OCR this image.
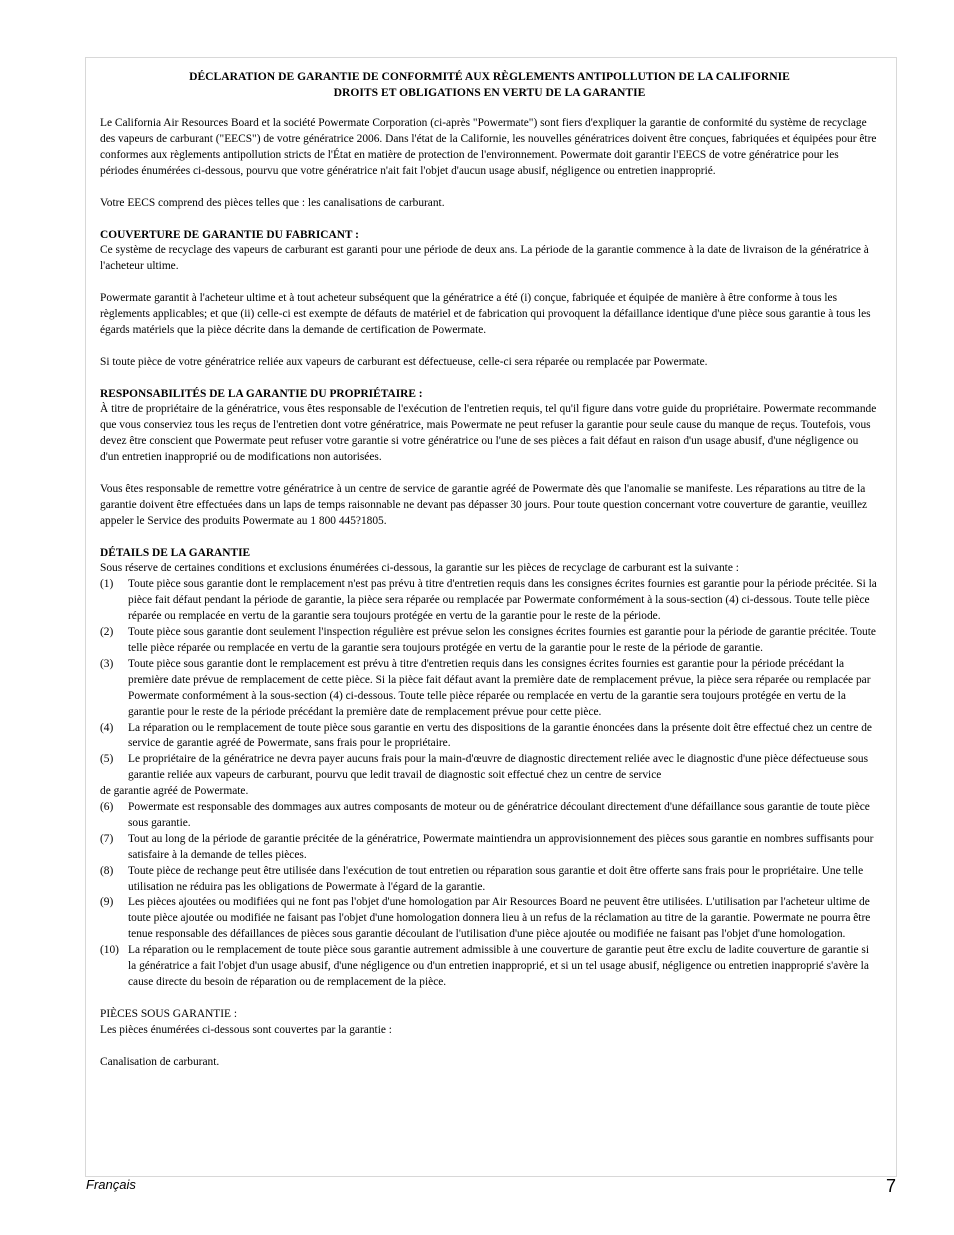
DÉCLARATION DE GARANTIE DE CONFORMITÉ AUX RÈGLEMENTS ANTIPOLLUTION DE LA CALIFORNIE
DROITS ET OBLIGATIONS EN VERTU DE LA GARANTIE

Le California Air Resources Board et la société Powermate Corporation (ci-après "Powermate") sont fiers d'expliquer la garantie de conformité du système de recyclage des vapeurs de carburant ("EECS") de votre génératrice 2006. Dans l'état de la Californie, les nouvelles génératrices doivent être conçues, fabriquées et équipées pour être conformes aux règlements antipollution stricts de l'État en matière de protection de l'environnement. Powermate doit garantir l'EECS de votre génératrice pour les périodes énumérées ci-dessous, pourvu que votre génératrice n'ait fait l'objet d'aucun usage abusif, négligence ou entretien inapproprié.

Votre EECS comprend des pièces telles que : les canalisations de carburant.

COUVERTURE DE GARANTIE DU FABRICANT :

Ce système de recyclage des vapeurs de carburant est garanti pour une période de deux ans. La période de la garantie commence à la date de livraison de la génératrice à l'acheteur ultime.

Powermate garantit à l'acheteur ultime et à tout acheteur subséquent que la génératrice a été (i) conçue, fabriquée et équipée de manière à être conforme à tous les règlements applicables; et que (ii) celle-ci est exempte de défauts de matériel et de fabrication qui provoquent la défaillance identique d'une pièce sous garantie à tous les égards matériels que la pièce décrite dans la demande de certification de Powermate.

Si toute pièce de votre génératrice reliée aux vapeurs de carburant est défectueuse, celle-ci sera réparée ou remplacée par Powermate.

RESPONSABILITÉS DE LA GARANTIE DU PROPRIÉTAIRE :

À titre de propriétaire de la génératrice, vous êtes responsable de l'exécution de l'entretien requis, tel qu'il figure dans votre guide du propriétaire. Powermate recommande que vous conserviez tous les reçus de l'entretien dont votre génératrice, mais Powermate ne peut refuser la garantie pour seule cause du manque de reçus. Toutefois, vous devez être conscient que Powermate peut refuser votre garantie si votre génératrice ou l'une de ses pièces a fait défaut en raison d'un usage abusif, d'une négligence ou d'un entretien inapproprié ou de modifications non autorisées.

Vous êtes responsable de remettre votre génératrice à un centre de service de garantie agréé de Powermate dès que l'anomalie se manifeste. Les réparations au titre de la garantie doivent être effectuées dans un laps de temps raisonnable ne devant pas dépasser 30 jours. Pour toute question concernant votre couverture de garantie, veuillez appeler le Service des produits Powermate au 1 800 445?1805.

DÉTAILS DE LA GARANTIE

Sous réserve de certaines conditions et exclusions énumérées ci-dessous, la garantie sur les pièces de recyclage de carburant est la suivante :

(1) Toute pièce sous garantie dont le remplacement n'est pas prévu à titre d'entretien requis dans les consignes écrites fournies est garantie pour la période précitée. Si la pièce fait défaut pendant la période de garantie, la pièce sera réparée ou remplacée par Powermate conformément à la sous-section (4) ci-dessous. Toute telle pièce réparée ou remplacée en vertu de la garantie sera toujours protégée en vertu de la garantie pour le reste de la période.
(2) Toute pièce sous garantie dont seulement l'inspection régulière est prévue selon les consignes écrites fournies est garantie pour la période de garantie précitée. Toute telle pièce réparée ou remplacée en vertu de la garantie sera toujours protégée en vertu de la garantie pour le reste de la période de garantie.
(3) Toute pièce sous garantie dont le remplacement est prévu à titre d'entretien requis dans les consignes écrites fournies est garantie pour la période précédant la première date prévue de remplacement de cette pièce. Si la pièce fait défaut avant la première date de remplacement prévue, la pièce sera réparée ou remplacée par Powermate conformément à la sous-section (4) ci-dessous. Toute telle pièce réparée ou remplacée en vertu de la garantie sera toujours protégée en vertu de la garantie pour le reste de la période précédant la première date de remplacement prévue pour cette pièce.
(4) La réparation ou le remplacement de toute pièce sous garantie en vertu des dispositions de la garantie énoncées dans la présente doit être effectué chez un centre de service de garantie agréé de Powermate, sans frais pour le propriétaire.
(5) Le propriétaire de la génératrice ne devra payer aucuns frais pour la main-d'œuvre de diagnostic directement reliée avec le diagnostic d'une pièce défectueuse sous garantie reliée aux vapeurs de carburant, pourvu que ledit travail de diagnostic soit effectué chez un centre de service

de garantie agréé de Powermate.

(6) Powermate est responsable des dommages aux autres composants de moteur ou de génératrice découlant directement d'une défaillance sous garantie de toute pièce sous garantie.
(7) Tout au long de la période de garantie précitée de la génératrice, Powermate maintiendra un approvisionnement des pièces sous garantie en nombres suffisants pour satisfaire à la demande de telles pièces.
(8) Toute pièce de rechange peut être utilisée dans l'exécution de tout entretien ou réparation sous garantie et doit être offerte sans frais pour le propriétaire. Une telle utilisation ne réduira pas les obligations de Powermate à l'égard de la garantie.
(9) Les pièces ajoutées ou modifiées qui ne font pas l'objet d'une homologation par Air Resources Board ne peuvent être utilisées. L'utilisation par l'acheteur ultime de toute pièce ajoutée ou modifiée ne faisant pas l'objet d'une homologation donnera lieu à un refus de la réclamation au titre de la garantie. Powermate ne pourra être tenue responsable des défaillances de pièces sous garantie découlant de l'utilisation d'une pièce ajoutée ou modifiée ne faisant pas l'objet d'une homologation.
(10) La réparation ou le remplacement de toute pièce sous garantie autrement admissible à une couverture de garantie peut être exclu de ladite couverture de garantie si la génératrice a fait l'objet d'un usage abusif, d'une négligence ou d'un entretien inapproprié, et si un tel usage abusif, négligence ou entretien inapproprié s'avère la cause directe du besoin de réparation ou de remplacement de la pièce.

PIÈCES SOUS GARANTIE :

Les pièces énumérées ci-dessous sont couvertes par la garantie :

Canalisation de carburant.

Français	7
